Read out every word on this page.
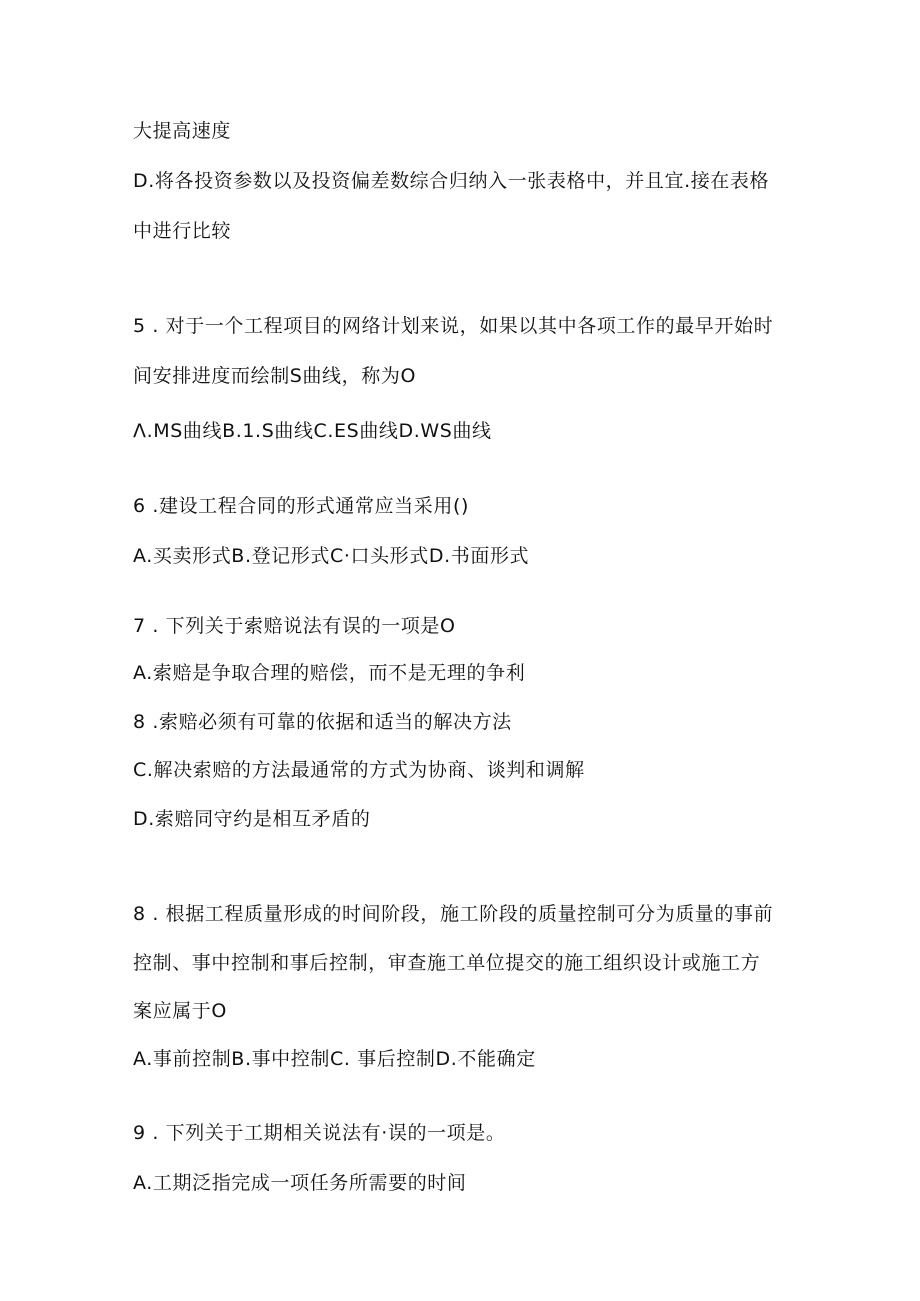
大提高速度
D.将各投资参数以及投资偏差数综合归纳入一张表格中，并且宜.接在表格
中进行比较
5 . 对于一个工程项目的网络计划来说，如果以其中各项工作的最早开始时
间安排进度而绘制S曲线，称为O
Λ.MS曲线B.1.S曲线C.ES曲线D.WS曲线
6 .建设工程合同的形式通常应当采用()
A.买卖形式B.登记形式C·口头形式D.书面形式
7 . 下列关于索赔说法有误的一项是O
A.索赔是争取合理的赔偿，而不是无理的争利
8 .索赔必须有可靠的依据和适当的解决方法
C.解决索赔的方法最通常的方式为协商、谈判和调解
D.索赔同守约是相互矛盾的
8 . 根据工程质量形成的时间阶段，施工阶段的质量控制可分为质量的事前
控制、事中控制和事后控制，审查施工单位提交的施工组织设计或施工方
案应属于O
A.事前控制B.事中控制C. 事后控制D.不能确定
9 . 下列关于工期相关说法有·误的一项是。
A.工期泛指完成一项任务所需要的时间
